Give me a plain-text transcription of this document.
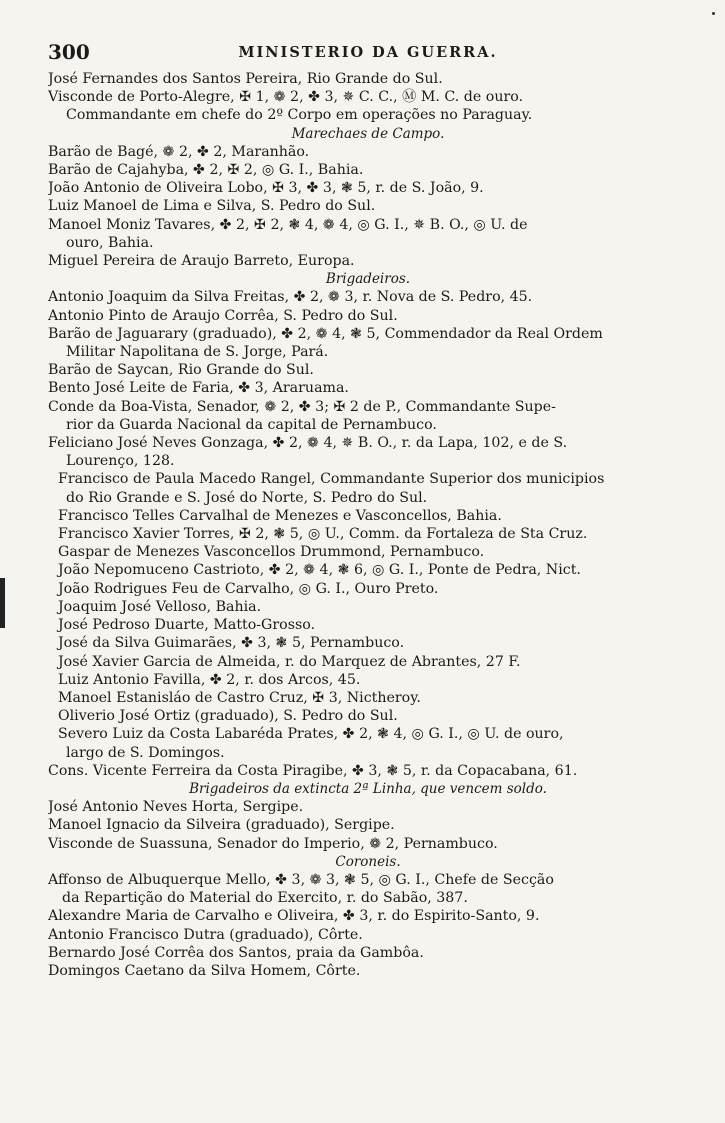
300	MINISTERIO DA GUERRA.
José Fernandes dos Santos Pereira, Rio Grande do Sul.
Visconde de Porto-Alegre, ✠ 1, ❁ 2, ✤ 3, ✵ C. C., Ⓜ M. C. de ouro.
Commandante em chefe do 2º Corpo em operações no Paraguay.
Marechaes de Campo.
Barão de Bagé, ❁ 2, ✤ 2, Maranhão.
Barão de Cajahyba, ✤ 2, ✠ 2, ◎ G. I., Bahia.
João Antonio de Oliveira Lobo, ✠ 3, ✤ 3, ❃ 5, r. de S. João, 9.
Luiz Manoel de Lima e Silva, S. Pedro do Sul.
Manoel Moniz Tavares, ✤ 2, ✠ 2, ❃ 4, ❁ 4, ◎ G. I., ✵ B. O., ◎ U. de
ouro, Bahia.
Miguel Pereira de Araujo Barreto, Europa.
Brigadeiros.
Antonio Joaquim da Silva Freitas, ✤ 2, ❁ 3, r. Nova de S. Pedro, 45.
Antonio Pinto de Araujo Corrêa, S. Pedro do Sul.
Barão de Jaguarary (graduado), ✤ 2, ❁ 4, ❃ 5, Commendador da Real Ordem
Militar Napolitana de S. Jorge, Pará.
Barão de Saycan, Rio Grande do Sul.
Bento José Leite de Faria, ✤ 3, Araruama.
Conde da Boa-Vista, Senador, ❁ 2, ✤ 3; ✠ 2 de P., Commandante Supe-
rior da Guarda Nacional da capital de Pernambuco.
Feliciano José Neves Gonzaga, ✤ 2, ❁ 4, ✵ B. O., r. da Lapa, 102, e de S.
Lourenço, 128.
Francisco de Paula Macedo Rangel, Commandante Superior dos municipios
do Rio Grande e S. José do Norte, S. Pedro do Sul.
Francisco Telles Carvalhal de Menezes e Vasconcellos, Bahia.
Francisco Xavier Torres, ✠ 2, ❃ 5, ◎ U., Comm. da Fortaleza de Sta Cruz.
Gaspar de Menezes Vasconcellos Drummond, Pernambuco.
João Nepomuceno Castrioto, ✤ 2, ❁ 4, ❃ 6, ◎ G. I., Ponte de Pedra, Nict.
João Rodrigues Feu de Carvalho, ◎ G. I., Ouro Preto.
Joaquim José Velloso, Bahia.
José Pedroso Duarte, Matto-Grosso.
José da Silva Guimarães, ✤ 3, ❃ 5, Pernambuco.
José Xavier Garcia de Almeida, r. do Marquez de Abrantes, 27 F.
Luiz Antonio Favilla, ✤ 2, r. dos Arcos, 45.
Manoel Estanisláo de Castro Cruz, ✠ 3, Nictheroy.
Oliverio José Ortiz (graduado), S. Pedro do Sul.
Severo Luiz da Costa Labaréda Prates, ✤ 2, ❃ 4, ◎ G. I., ◎ U. de ouro,
largo de S. Domingos.
Cons. Vicente Ferreira da Costa Piragibe, ✤ 3, ❃ 5, r. da Copacabana, 61.
Brigadeiros da extincta 2ª Linha, que vencem soldo.
José Antonio Neves Horta, Sergipe.
Manoel Ignacio da Silveira (graduado), Sergipe.
Visconde de Suassuna, Senador do Imperio, ❁ 2, Pernambuco.
Coroneis.
Affonso de Albuquerque Mello, ✤ 3, ❁ 3, ❃ 5, ◎ G. I., Chefe de Secção
da Repartição do Material do Exercito, r. do Sabão, 387.
Alexandre Maria de Carvalho e Oliveira, ✤ 3, r. do Espirito-Santo, 9.
Antonio Francisco Dutra (graduado), Côrte.
Bernardo José Corrêa dos Santos, praia da Gambôa.
Domingos Caetano da Silva Homem, Côrte.
